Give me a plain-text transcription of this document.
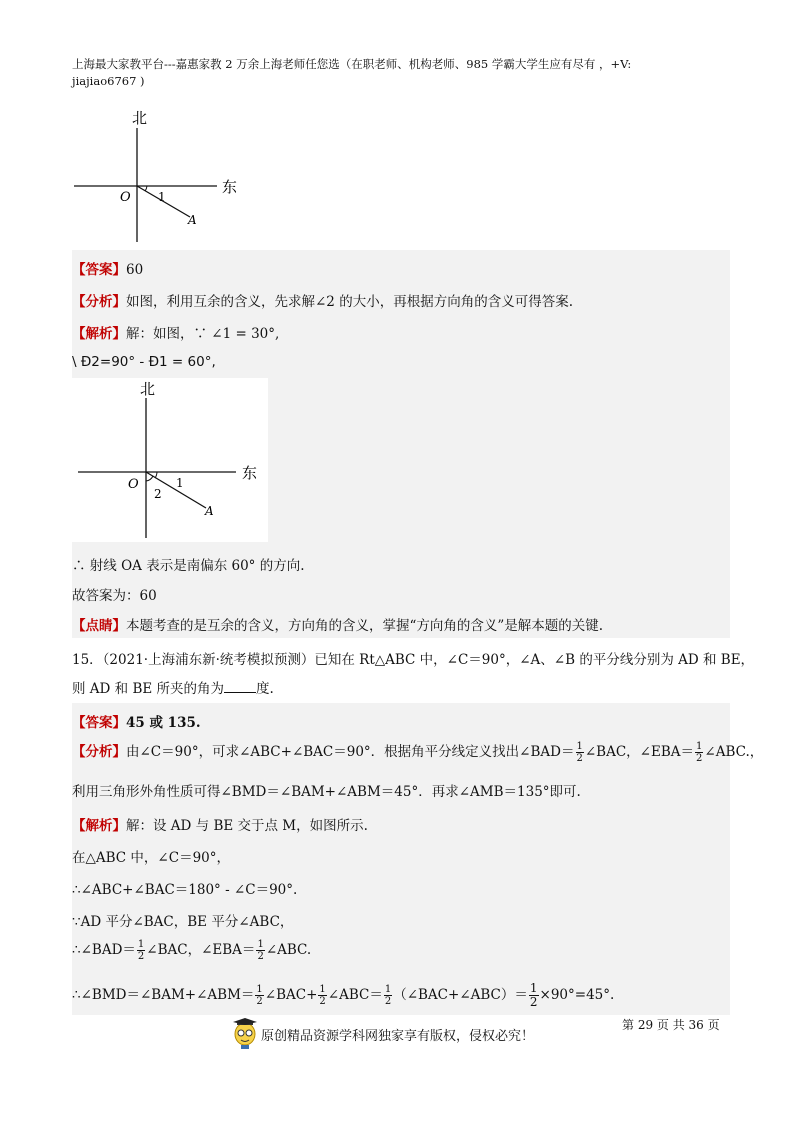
上海最大家教平台---嘉惠家教 2 万余上海老师任您选（在职老师、机构老师、985 学霸大学生应有尽有 ，+V:
jiajiao6767 )
北
东
O 1
A
【答案】60
【分析】如图，利用互余的含义，先求解∠2 的大小，再根据方向角的含义可得答案.
【解析】解：如图，∵ ∠1 = 30°,
\ Ð2=90° - Ð1 = 60°,
北
东
O	1
2
A
∴ 射线 OA 表示是南偏东 60° 的方向.
故答案为：60
【点睛】本题考查的是互余的含义，方向角的含义，掌握“方向角的含义”是解本题的关键.
15．（2021·上海浦东新·统考模拟预测）已知在 Rt△ABC 中，∠C＝90°，∠A、∠B 的平分线分别为 AD 和 BE，
则 AD 和 BE 所夹的角为 度.
【答案】45 或 135.
【分析】由∠C＝90°，可求∠ABC+∠BAC＝90°．根据角平分线定义找出∠BAD＝ $\frac{1}{2}$ ∠BAC，∠EBA＝ $\frac{1}{2}$ ∠ABC.，
利用三角形外角性质可得∠BMD＝∠BAM+∠ABM＝45°．再求∠AMB＝135°即可.
【解析】解：设 AD 与 BE 交于点 M，如图所示.
在△ABC 中，∠C＝90°，
∴∠ABC+∠BAC＝180° - ∠C＝90°.
∵AD 平分∠BAC，BE 平分∠ABC，
∴∠BAD＝ $\frac{1}{2}$ ∠BAC，∠EBA＝ $\frac{1}{2}$ ∠ABC.
∴∠BMD＝∠BAM+∠ABM＝ $\frac{1}{2}$ ∠BAC+ $\frac{1}{2}$ ∠ABC＝ $\frac{1}{2}$ （∠BAC+∠ABC）＝ $\frac{1}{2} \times 90^\circ=45^\circ$.
第 29 页 共 36 页
原创精品资源学科网独家享有版权，侵权必究！
